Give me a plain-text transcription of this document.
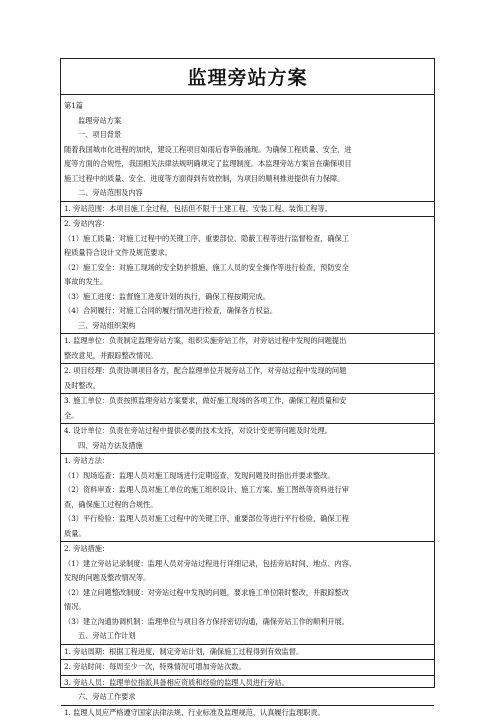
监理旁站方案
第1篇
监理旁站方案
一、项目背景
随着我国城市化进程的加快，建设工程项目如雨后春笋般涌现。为确保工程质量、安全、进
度等方面的合规性，我国相关法律法规明确规定了监理制度。本监理旁站方案旨在确保项目
施工过程中的质量、安全、进度等方面得到有效控制，为项目的顺利推进提供有力保障。
二、旁站范围及内容
1. 旁站范围：本项目施工全过程，包括但不限于土建工程、安装工程、装饰工程等。
2. 旁站内容：
（1）施工质量：对施工过程中的关键工序、重要部位、隐蔽工程等进行监督检查，确保工
程质量符合设计文件及规范要求。
（2）施工安全：对施工现场的安全防护措施、施工人员的安全操作等进行检查，预防安全
事故的发生。
（3）施工进度：监督施工进度计划的执行，确保工程按期完成。
（4）合同履行：对施工合同的履行情况进行检查，确保各方权益。
三、旁站组织架构
1. 监理单位：负责制定监理旁站方案，组织实施旁站工作，对旁站过程中发现的问题提出
整改意见，并跟踪整改情况。
2. 项目经理：负责协调项目各方，配合监理单位开展旁站工作，对旁站过程中发现的问题
及时整改。
3. 施工单位：负责按照监理旁站方案要求，做好施工现场的各项工作，确保工程质量和安
全。
4. 设计单位：负责在旁站过程中提供必要的技术支持，对设计变更等问题及时处理。
四、旁站方法及措施
1. 旁站方法：
（1）现场巡查：监理人员对施工现场进行定期巡查，发现问题及时指出并要求整改。
（2）资料审查：监理人员对施工单位的施工组织设计、施工方案、施工图纸等资料进行审
查，确保施工过程的合规性。
（3）平行检验：监理人员对施工过程中的关键工序、重要部位等进行平行检验，确保工程
质量。
2. 旁站措施：
（1）建立旁站记录制度：监理人员对旁站过程进行详细记录，包括旁站时间、地点、内容、
发现的问题及整改情况等。
（2）建立问题整改制度：对旁站过程中发现的问题，要求施工单位限时整改，并跟踪整改
情况。
（3）建立沟通协调机制：监理单位与项目各方保持密切沟通，确保旁站工作的顺利开展。
五、旁站工作计划
1. 旁站周期：根据工程进度，制定旁站计划，确保施工过程得到有效监督。
2. 旁站时间：每周至少一次，特殊情况可增加旁站次数。
3. 旁站人员：监理单位指派具备相应资质和经验的监理人员进行旁站。
六、旁站工作要求
1. 监理人员应严格遵守国家法律法规、行业标准及监理规范，认真履行监理职责。
